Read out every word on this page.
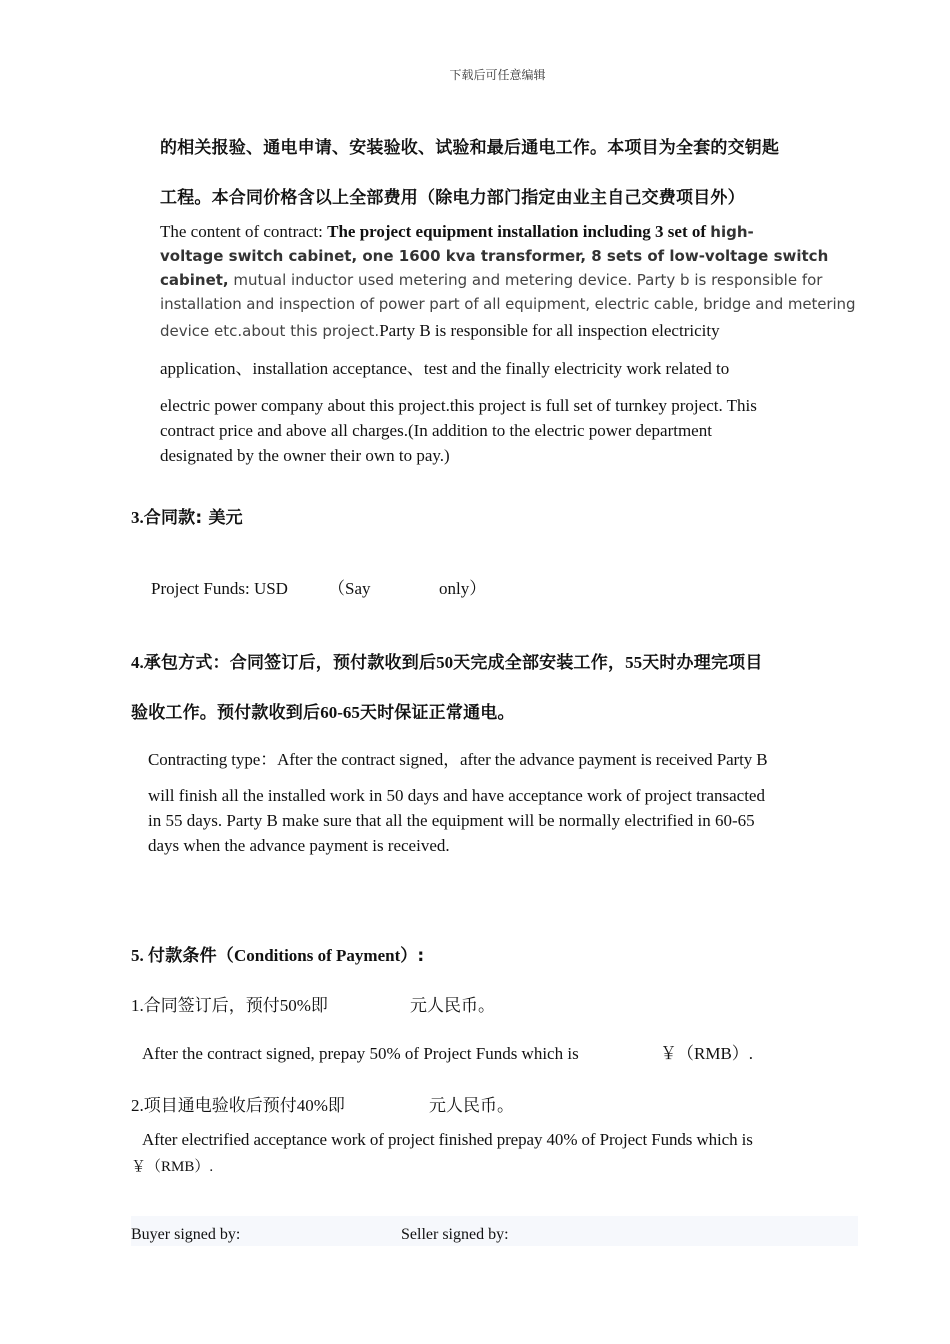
下载后可任意编辑
的相关报验、通电申请、安装验收、试验和最后通电工作。本项目为全套的交钥匙
工程。本合同价格含以上全部费用（除电力部门指定由业主自己交费项目外）
The content of contract: The project equipment installation including 3 set of high-
voltage switch cabinet, one 1600 kva transformer, 8 sets of low-voltage switch
cabinet, mutual inductor used metering and metering device. Party b is responsible for
installation and inspection of power part of all equipment, electric cable, bridge and metering
device etc.about this project.Party B is responsible for all inspection electricity
application、installation acceptance、test and the finally electricity work related to
electric power company about this project.this project is full set of turnkey project. This
contract price and above all charges.(In addition to the electric power department
designated by the owner their own to pay.)
3.合同款: 美元
Project Funds: USD （Say	only）
4.承包方式：合同签订后，预付款收到后50天完成全部安装工作，55天时办理完项目
验收工作。预付款收到后60-65天时保证正常通电。
Contracting type：After the contract signed，after the advance payment is received Party B
will finish all the installed work in 50 days and have acceptance work of project transacted
in 55 days. Party B make sure that all the equipment will be normally electrified in 60-65
days when the advance payment is received.
5. 付款条件（Conditions of Payment）:
1.合同签订后，预付50%即	元人民币。
After the contract signed, prepay 50% of Project Funds which is	￥（RMB）.
2.项目通电验收后预付40%即	元人民币。
After electrified acceptance work of project finished prepay 40% of Project Funds which is
￥（RMB）.
Buyer signed by:	Seller signed by:
